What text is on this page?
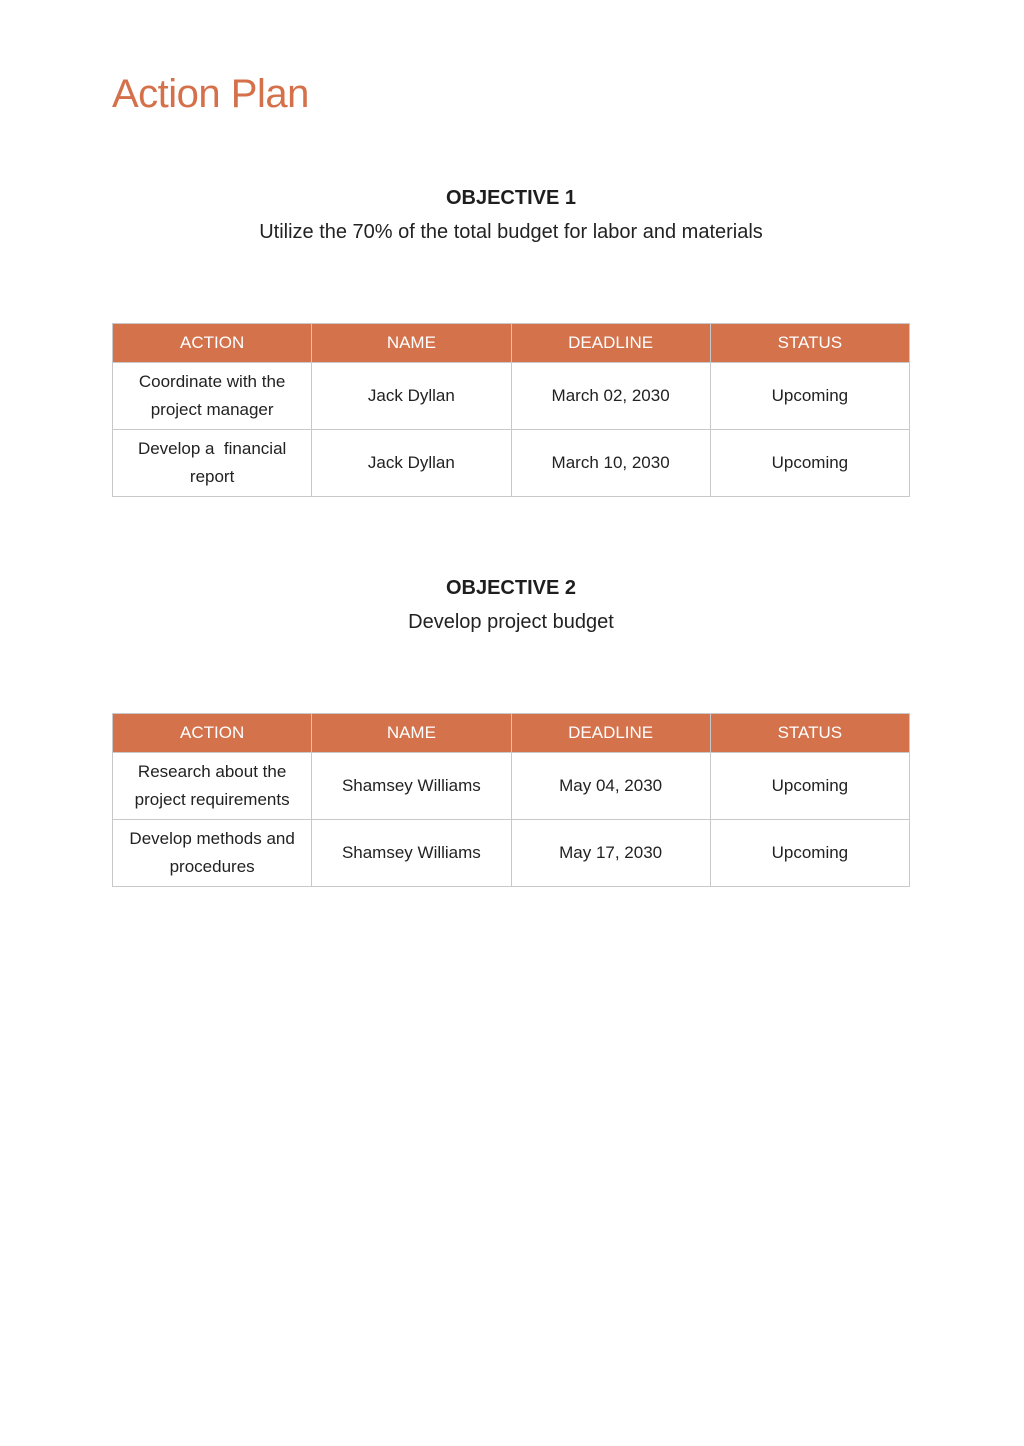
Action Plan

OBJECTIVE 1

Utilize the 70% of the total budget for labor and materials

ACTION	NAME	DEADLINE	STATUS
Coordinate with the project manager	Jack Dyllan	March 02, 2030	Upcoming
Develop a  financial report	Jack Dyllan	March 10, 2030	Upcoming

OBJECTIVE 2

Develop project budget

ACTION	NAME	DEADLINE	STATUS
Research about the project requirements	Shamsey Williams	May 04, 2030	Upcoming
Develop methods and procedures	Shamsey Williams	May 17, 2030	Upcoming
